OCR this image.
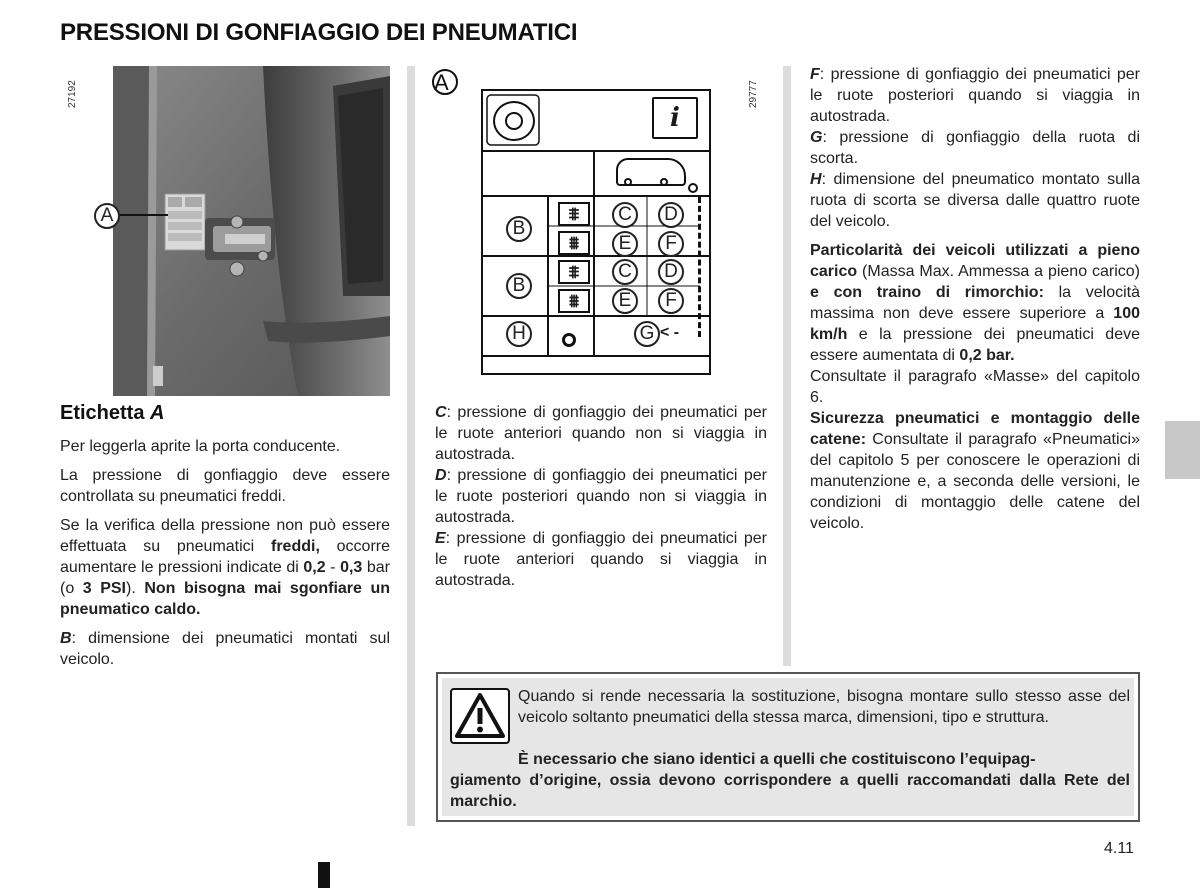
PRESSIONI DI GONFIAGGIO DEI PNEUMATICI
27192
A
Etichetta A

Per leggerla aprite la porta conducente.

La pressione di gonfiaggio deve essere controllata su pneumatici freddi.

Se la verifica della pressione non può essere effettuata su pneumatici freddi, occorre aumentare le pressioni indicate di 0,2 - 0,3 bar (o 3 PSI). Non bisogna mai sgonfiare un pneumatico caldo.

B: dimensione dei pneumatici montati sul veicolo.

A	29777
i
B
B
H
⩨
⩩
⩨
⩩
C	D
E	F
C	D
E	F
G < -

C: pressione di gonfiaggio dei pneumatici per le ruote anteriori quando non si viaggia in autostrada.

D: pressione di gonfiaggio dei pneumatici per le ruote posteriori quando non si viaggia in autostrada.

E: pressione di gonfiaggio dei pneumatici per le ruote anteriori quando si viaggia in autostrada.

F: pressione di gonfiaggio dei pneumatici per le ruote posteriori quando si viaggia in autostrada.

G: pressione di gonfiaggio della ruota di scorta.

H: dimensione del pneumatico montato sulla ruota di scorta se diversa dalle quattro ruote del veicolo.

Particolarità dei veicoli utilizzati a pieno carico (Massa Max. Ammessa a pieno carico) e con traino di rimorchio: la velocità massima non deve essere superiore a 100 km/h e la pressione dei pneumatici deve essere aumentata di 0,2 bar.

Consultate il paragrafo «Masse» del capitolo 6.

Sicurezza pneumatici e montaggio delle catene: Consultate il paragrafo «Pneumatici» del capitolo 5 per conoscere le operazioni di manutenzione e, a seconda delle versioni, le condizioni di montaggio delle catene del veicolo.

Quando si rende necessaria la sostituzione, bisogna montare sullo stesso asse del veicolo soltanto pneumatici della stessa marca, dimensioni, tipo e struttura.
È necessario che siano identici a quelli che costituiscono l’equipag-
giamento d’origine, ossia devono corrispondere a quelli raccomandati dalla Rete del marchio.
4.11
